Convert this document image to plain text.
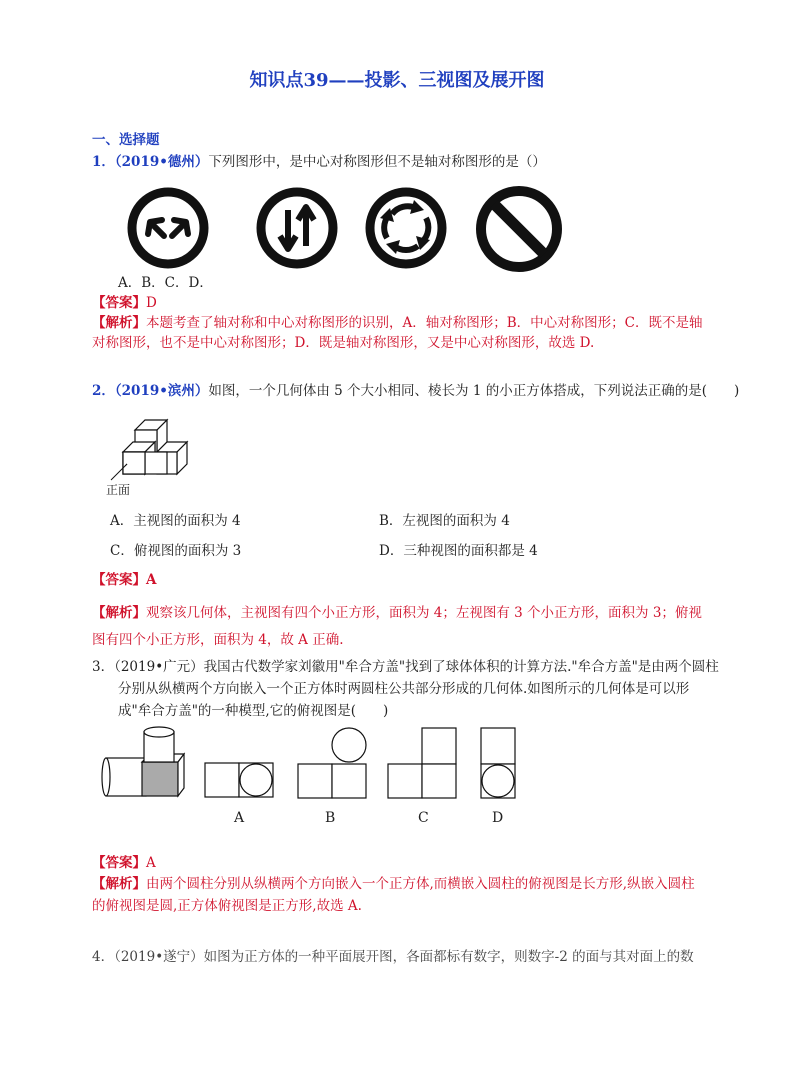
知识点39——投影、三视图及展开图
一、选择题
1．（2019•德州）下列图形中，是中心对称图形但不是轴对称图形的是（）
A．B．C．D．
【答案】D
【解析】本题考查了轴对称和中心对称图形的识别，A．轴对称图形；B．中心对称图形；C．既不是轴
对称图形，也不是中心对称图形；D．既是轴对称图形，又是中心对称图形，故选 D.
2．（2019•滨州）如图，一个几何体由 5 个大小相同、棱长为 1 的小正方体搭成，下列说法正确的是(　　)
正面
A．主视图的面积为 4	B．左视图的面积为 4
C．俯视图的面积为 3	D．三种视图的面积都是 4
【答案】A
【解析】观察该几何体，主视图有四个小正方形，面积为 4；左视图有 3 个小正方形，面积为 3；俯视
图有四个小正方形，面积为 4，故 A 正确.
3．（2019•广元）我国古代数学家刘徽用"牟合方盖"找到了球体体积的计算方法."牟合方盖"是由两个圆柱
分别从纵横两个方向嵌入一个正方体时两圆柱公共部分形成的几何体.如图所示的几何体是可以形
成"牟合方盖"的一种模型,它的俯视图是(　　)
A	B	C	D
【答案】A
【解析】由两个圆柱分别从纵横两个方向嵌入一个正方体,而横嵌入圆柱的俯视图是长方形,纵嵌入圆柱
的俯视图是圆,正方体俯视图是正方形,故选 A.
4．（2019•遂宁）如图为正方体的一种平面展开图，各面都标有数字，则数字-2 的面与其对面上的数
